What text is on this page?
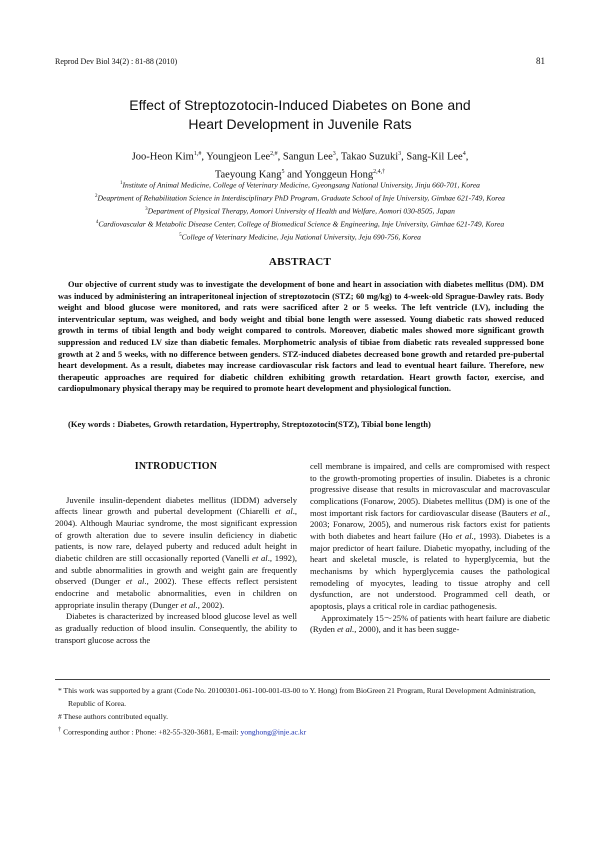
Reprod Dev Biol 34(2) : 81-88 (2010)	81
Effect of Streptozotocin-Induced Diabetes on Bone and
Heart Development in Juvenile Rats
Joo-Heon Kim$^{1,\#}$, Youngjeon Lee$^{2,\#}$, Sangun Lee$^3$, Takao Suzuki$^3$, Sang-Kil Lee$^4$,
Taeyoung Kang$^5$ and Yonggeun Hong$^{2,4,\dagger}$
$^1$Institute of Animal Medicine, College of Veterinary Medicine, Gyeongsang National University, Jinju 660-701, Korea
$^2$Deaprtment of Rehabilitation Science in Interdisciplinary PhD Program, Graduate School of Inje University, Gimhae 621-749, Korea
$^3$Department of Physical Therapy, Aomori University of Health and Welfare, Aomori 030-8505, Japan
$^4$Cardiovascular & Metabolic Disease Center, College of Biomedical Science & Engineering, Inje University, Gimhae 621-749, Korea
$^5$College of Veterinary Medicine, Jeju National University, Jeju 690-756, Korea
ABSTRACT
Our objective of current study was to investigate the development of bone and heart in association with diabetes mellitus (DM). DM was induced by administering an intraperitoneal injection of streptozotocin (STZ; 60 mg/kg) to 4-week-old Sprague-Dawley rats. Body weight and blood glucose were monitored, and rats were sacrificed after 2 or 5 weeks. The left ventricle (LV), including the interventricular septum, was weighed, and body weight and tibial bone length were assessed. Young diabetic rats showed reduced growth in terms of tibial length and body weight compared to controls. Moreover, diabetic males showed more significant growth suppression and reduced LV size than diabetic females. Morphometric analysis of tibiae from diabetic rats revealed suppressed bone growth at 2 and 5 weeks, with no difference between genders. STZ-induced diabetes decreased bone growth and retarded pre-pubertal heart development. As a result, diabetes may increase cardiovascular risk factors and lead to eventual heart failure. Therefore, new therapeutic approaches are required for diabetic children exhibiting growth retardation. Heart growth factor, exercise, and cardiopulmonary physical therapy may be required to promote heart development and physiological function.
(Key words : Diabetes, Growth retardation, Hypertrophy, Streptozotocin(STZ), Tibial bone length)
INTRODUCTION

Juvenile insulin-dependent diabetes mellitus (IDDM) adversely affects linear growth and pubertal development (Chiarelli et al., 2004). Although Mauriac syndrome, the most significant expression of growth alteration due to severe insulin deficiency in diabetic patients, is now rare, delayed puberty and reduced adult height in diabetic children are still occasionally reported (Vanelli et al., 1992), and subtle abnormalities in growth and weight gain are frequently observed (Dunger et al., 2002). These effects reflect persistent endocrine and metabolic abnormalities, even in children on appropriate insulin therapy (Dunger et al., 2002).

Diabetes is characterized by increased blood glucose level as well as gradually reduction of blood insulin. Consequently, the ability to transport glucose across the

cell membrane is impaired, and cells are compromised with respect to the growth-promoting properties of insulin. Diabetes is a chronic progressive disease that results in microvascular and macrovascular complications (Fonarow, 2005). Diabetes mellitus (DM) is one of the most important risk factors for cardiovascular disease (Bauters et al., 2003; Fonarow, 2005), and numerous risk factors exist for patients with both diabetes and heart failure (Ho et al., 1993). Diabetes is a major predictor of heart failure. Diabetic myopathy, including of the heart and skeletal muscle, is related to hyperglycemia, but the mechanisms by which hyperglycemia causes the pathological remodeling of myocytes, leading to tissue atrophy and cell dysfunction, are not understood. Programmed cell death, or apoptosis, plays a critical role in cardiac pathogenesis.

Approximately 15～25% of patients with heart failure are diabetic (Ryden et al., 2000), and it has been sugge-

* This work was supported by a grant (Code No. 20100301-061-100-001-03-00 to Y. Hong) from BioGreen 21 Program, Rural Development Administration, Republic of Korea.

# These authors contributed equally.

† Corresponding author : Phone: +82-55-320-3681, E-mail: yonghong@inje.ac.kr
